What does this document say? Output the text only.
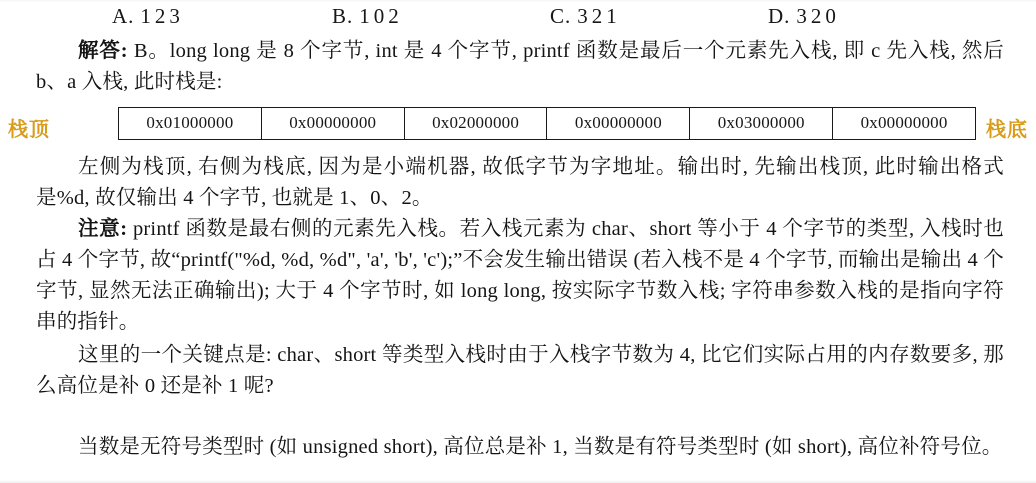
A. 123	B. 102	C. 321	D. 320
解答: B。long long 是 8 个字节, int 是 4 个字节, printf 函数是最后一个元素先入栈, 即 c 先入栈, 然后 b、a 入栈, 此时栈是:
栈顶	栈底
0x01000000	0x00000000	0x02000000	0x00000000	0x03000000	0x00000000
左侧为栈顶, 右侧为栈底, 因为是小端机器, 故低字节为字地址。输出时, 先输出栈顶, 此时输出格式是%d, 故仅输出 4 个字节, 也就是 1、0、2。
注意: printf 函数是最右侧的元素先入栈。若入栈元素为 char、short 等小于 4 个字节的类型, 入栈时也占 4 个字节, 故“printf("%d, %d, %d", 'a', 'b', 'c');”不会发生输出错误 (若入栈不是 4 个字节, 而输出是输出 4 个字节, 显然无法正确输出); 大于 4 个字节时, 如 long long, 按实际字节数入栈; 字符串参数入栈的是指向字符串的指针。
这里的一个关键点是: char、short 等类型入栈时由于入栈字节数为 4, 比它们实际占用的内存数要多, 那么高位是补 0 还是补 1 呢?
当数是无符号类型时 (如 unsigned short), 高位总是补 1, 当数是有符号类型时 (如 short), 高位补符号位。
